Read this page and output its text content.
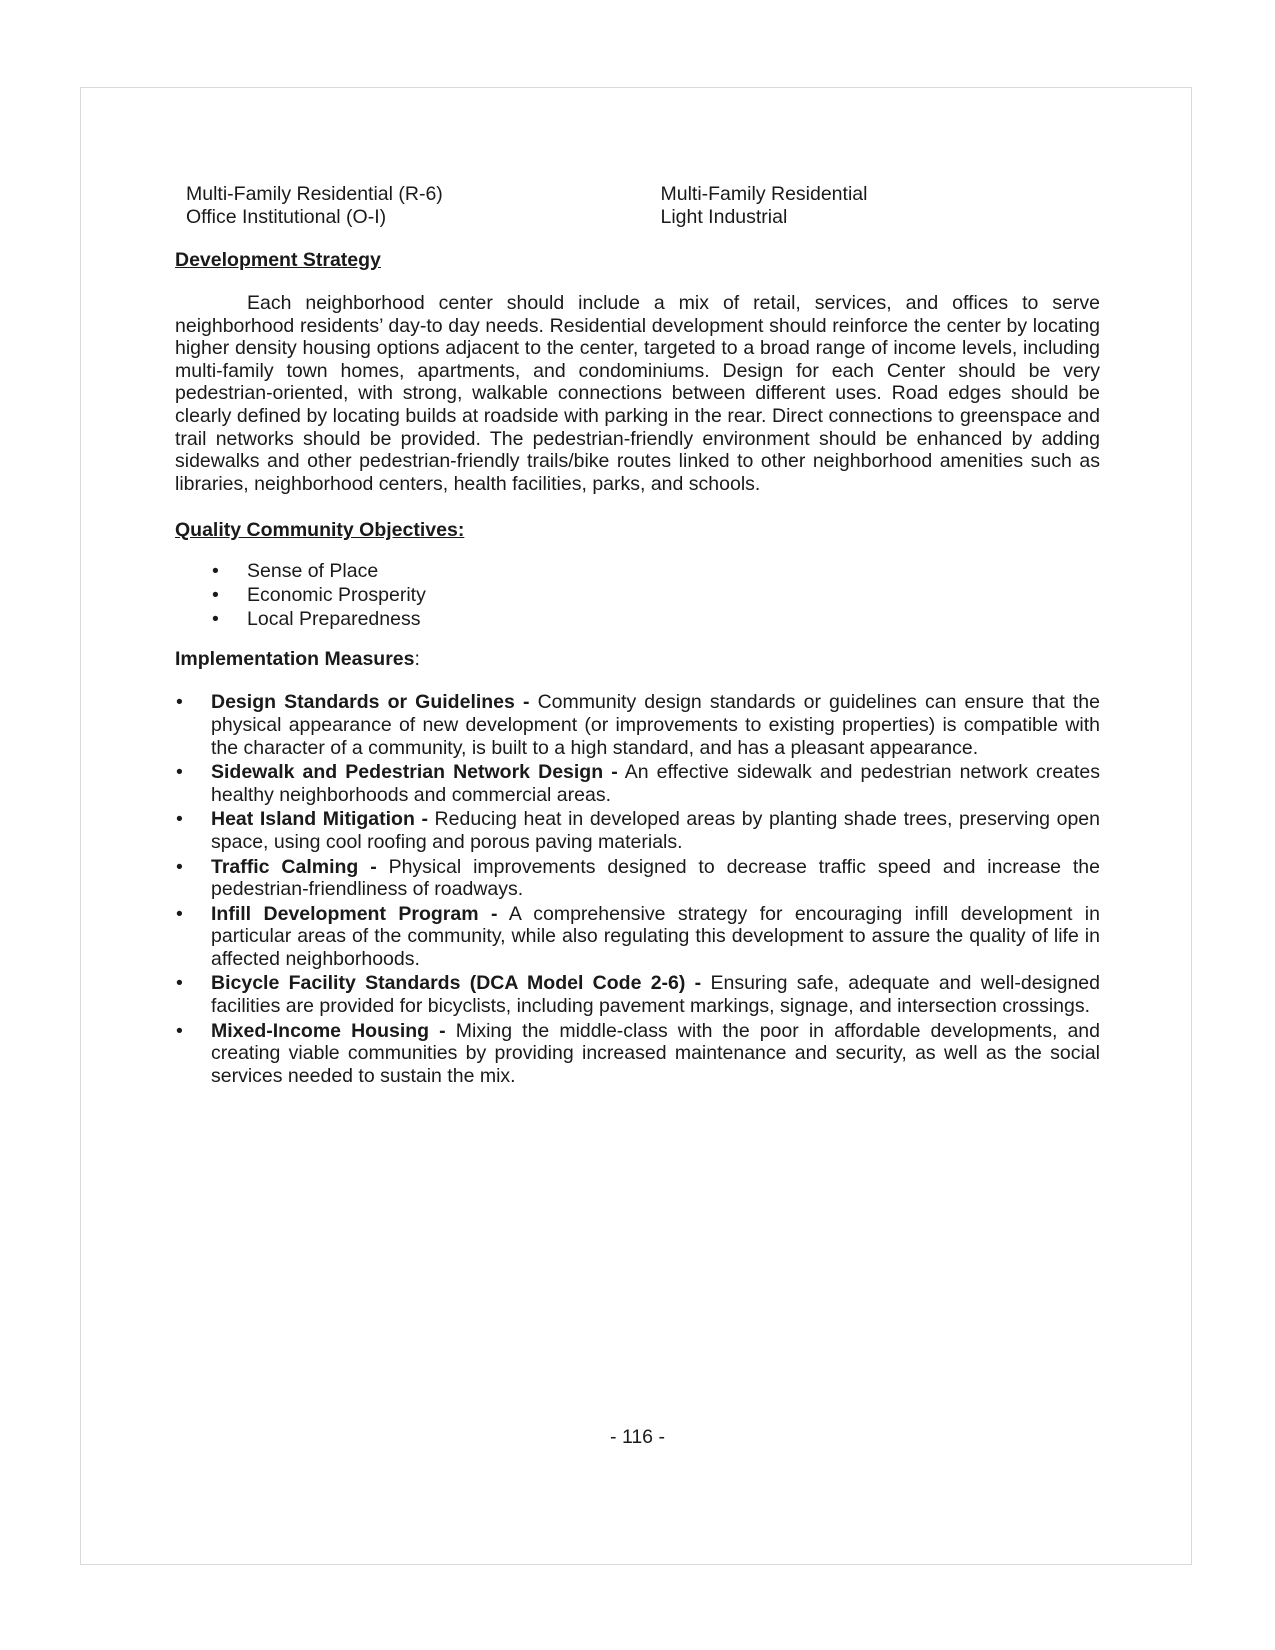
Multi-Family Residential (R-6)
Office Institutional (O-I)
Multi-Family Residential
Light Industrial
Development Strategy

Each neighborhood center should include a mix of retail, services, and offices to serve neighborhood residents’ day-to day needs. Residential development should reinforce the center by locating higher density housing options adjacent to the center, targeted to a broad range of income levels, including multi-family town homes, apartments, and condominiums. Design for each Center should be very pedestrian-oriented, with strong, walkable connections between different uses. Road edges should be clearly defined by locating builds at roadside with parking in the rear. Direct connections to greenspace and trail networks should be provided. The pedestrian-friendly environment should be enhanced by adding sidewalks and other pedestrian-friendly trails/bike routes linked to other neighborhood amenities such as libraries, neighborhood centers, health facilities, parks, and schools.

Quality Community Objectives:
• Sense of Place
• Economic Prosperity
• Local Preparedness
Implementation Measures:
• Design Standards or Guidelines - Community design standards or guidelines can ensure that the physical appearance of new development (or improvements to existing properties) is compatible with the character of a community, is built to a high standard, and has a pleasant appearance.
• Sidewalk and Pedestrian Network Design - An effective sidewalk and pedestrian network creates healthy neighborhoods and commercial areas.
• Heat Island Mitigation - Reducing heat in developed areas by planting shade trees, preserving open space, using cool roofing and porous paving materials.
• Traffic Calming - Physical improvements designed to decrease traffic speed and increase the pedestrian-friendliness of roadways.
• Infill Development Program - A comprehensive strategy for encouraging infill development in particular areas of the community, while also regulating this development to assure the quality of life in affected neighborhoods.
• Bicycle Facility Standards (DCA Model Code 2-6) - Ensuring safe, adequate and well-designed facilities are provided for bicyclists, including pavement markings, signage, and intersection crossings.
• Mixed-Income Housing - Mixing the middle-class with the poor in affordable developments, and creating viable communities by providing increased maintenance and security, as well as the social services needed to sustain the mix.
- 116 -
